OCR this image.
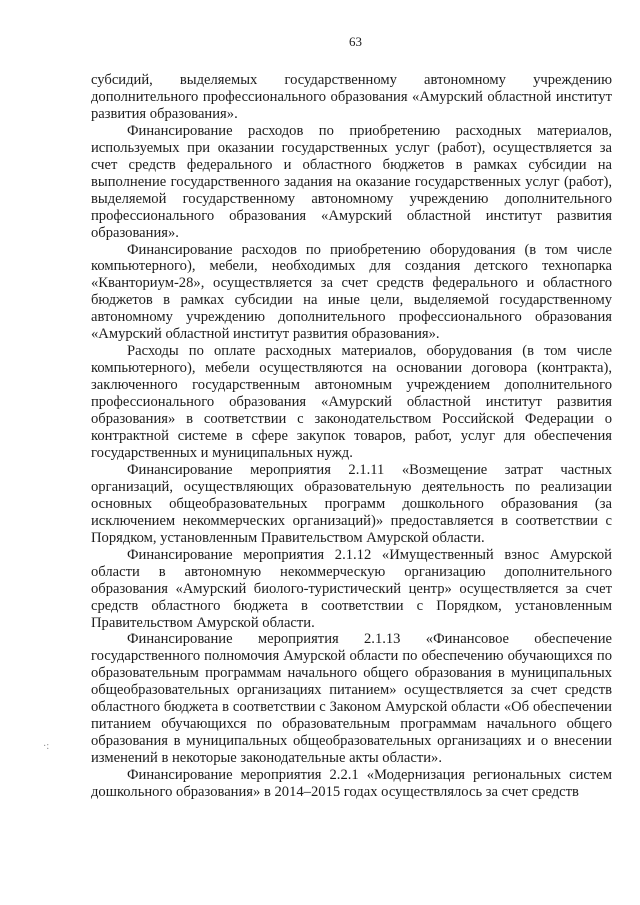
63

субсидий, выделяемых государственному автономному учреждению дополнительного профессионального образования «Амурский областной институт развития образования».

Финансирование расходов по приобретению расходных материалов, используемых при оказании государственных услуг (работ), осуществляется за счет средств федерального и областного бюджетов в рамках субсидии на выполнение государственного задания на оказание государственных услуг (работ), выделяемой государственному автономному учреждению дополнительного профессионального образования «Амурский областной институт развития образования».

Финансирование расходов по приобретению оборудования (в том числе компьютерного), мебели, необходимых для создания детского технопарка «Кванториум-28», осуществляется за счет средств федерального и областного бюджетов в рамках субсидии на иные цели, выделяемой государственному автономному учреждению дополнительного профессионального образования «Амурский областной институт развития образования».

Расходы по оплате расходных материалов, оборудования (в том числе компьютерного), мебели осуществляются на основании договора (контракта), заключенного государственным автономным учреждением дополнительного профессионального образования «Амурский областной институт развития образования» в соответствии с законодательством Российской Федерации о контрактной системе в сфере закупок товаров, работ, услуг для обеспечения государственных и муниципальных нужд.

Финансирование мероприятия 2.1.11 «Возмещение затрат частных организаций, осуществляющих образовательную деятельность по реализации основных общеобразовательных программ дошкольного образования (за исключением некоммерческих организаций)» предоставляется в соответствии с Порядком, установленным Правительством Амурской области.

Финансирование мероприятия 2.1.12 «Имущественный взнос Амурской области в автономную некоммерческую организацию дополнительного образования «Амурский биолого-туристический центр» осуществляется за счет средств областного бюджета в соответствии с Порядком, установленным Правительством Амурской области.

Финансирование мероприятия 2.1.13 «Финансовое обеспечение государственного полномочия Амурской области по обеспечению обучающихся по образовательным программам начального общего образования в муниципальных общеобразовательных организациях питанием» осуществляется за счет средств областного бюджета в соответствии с Законом Амурской области «Об обеспечении питанием обучающихся по образовательным программам начального общего образования в муниципальных общеобразовательных организациях и о внесении изменений в некоторые законодательные акты области».

Финансирование мероприятия 2.2.1 «Модернизация региональных систем дошкольного образования» в 2014–2015 годах осуществлялось за счет средств

·:
